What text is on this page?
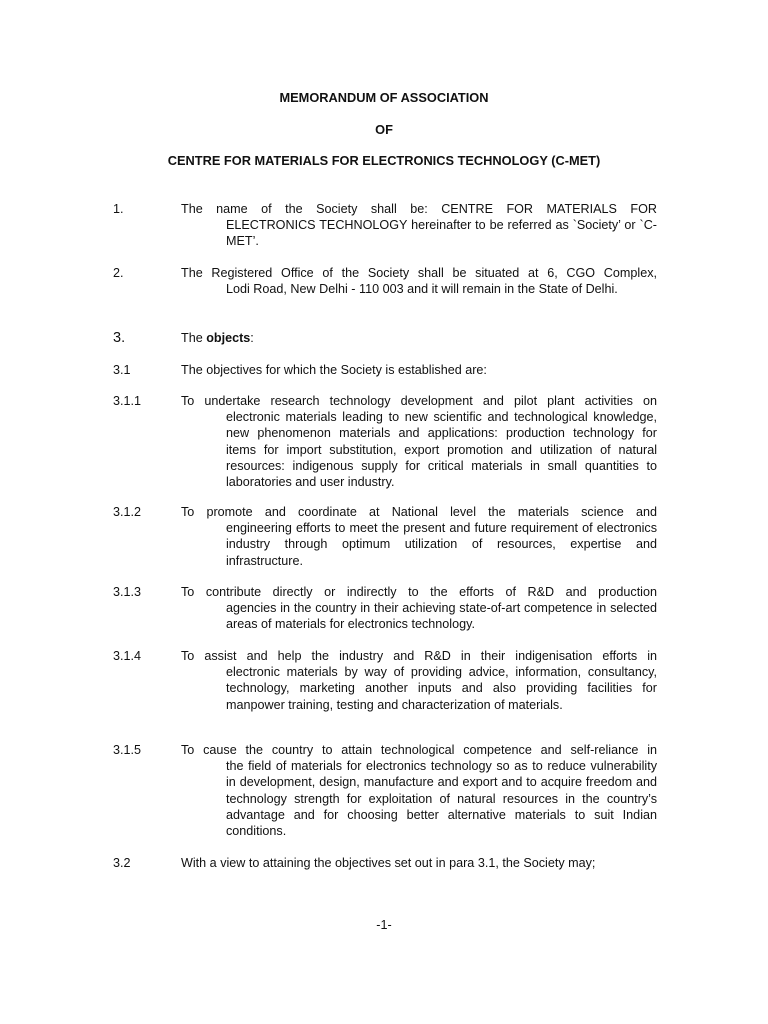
MEMORANDUM OF ASSOCIATION
OF
CENTRE FOR MATERIALS FOR ELECTRONICS TECHNOLOGY (C-MET)
1.	The name of the Society shall be: CENTRE FOR MATERIALS FOR
ELECTRONICS TECHNOLOGY hereinafter to be referred as `Society’ or `C-MET’.
2.	The Registered Office of the Society shall be situated at 6, CGO Complex,
Lodi Road, New Delhi - 110 003 and it will remain in the State of Delhi.
3.	The objects:
3.1	The objectives for which the Society is established are:
3.1.1	To undertake research technology development and pilot plant activities on
electronic materials leading to new scientific and technological knowledge, new phenomenon materials and applications: production technology for items for import substitution, export promotion and utilization of natural resources: indigenous supply for critical materials in small quantities to laboratories and user industry.
3.1.2	To promote and coordinate at National level the materials science and
engineering efforts to meet the present and future requirement of electronics industry through optimum utilization of resources, expertise and infrastructure.
3.1.3	To contribute directly or indirectly to the efforts of R&D and production
agencies in the country in their achieving state-of-art competence in selected areas of materials for electronics technology.
3.1.4	To assist and help the industry and R&D in their indigenisation efforts in
electronic materials by way of providing advice, information, consultancy, technology, marketing another inputs and also providing facilities for manpower training, testing and characterization of materials.
3.1.5	To cause the country to attain technological competence and self-reliance in
the field of materials for electronics technology so as to reduce vulnerability in development, design, manufacture and export and to acquire freedom and technology strength for exploitation of natural resources in the country’s advantage and for choosing better alternative materials to suit Indian conditions.
3.2	With a view to attaining the objectives set out in para 3.1, the Society may;
-1-
